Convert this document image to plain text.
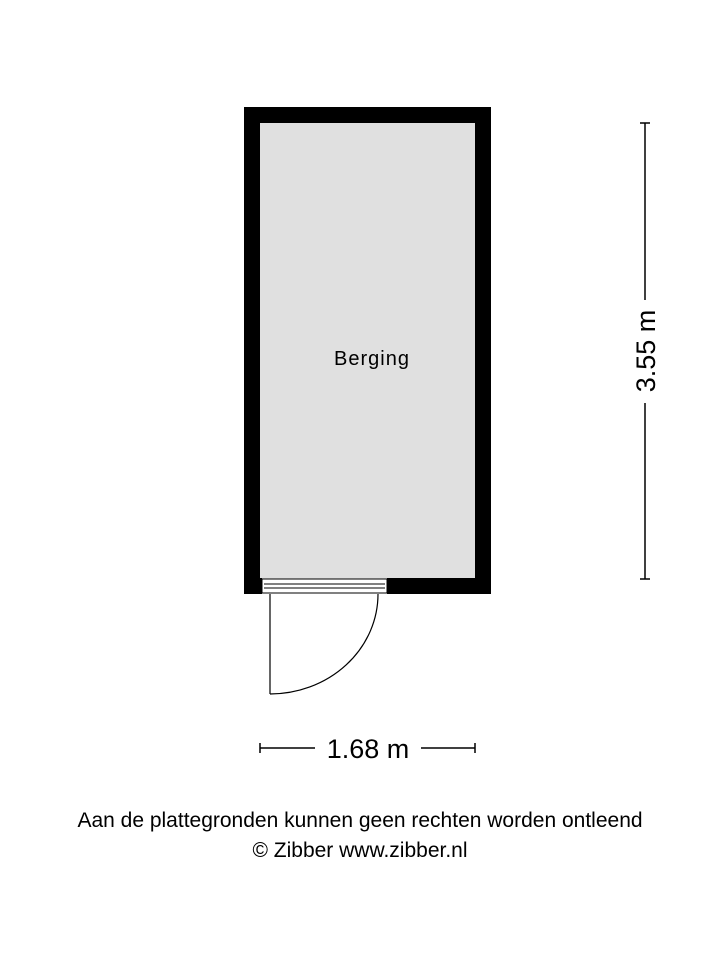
Berging	3.55 m
1.68 m
Aan de plattegronden kunnen geen rechten worden ontleend
© Zibber www.zibber.nl
